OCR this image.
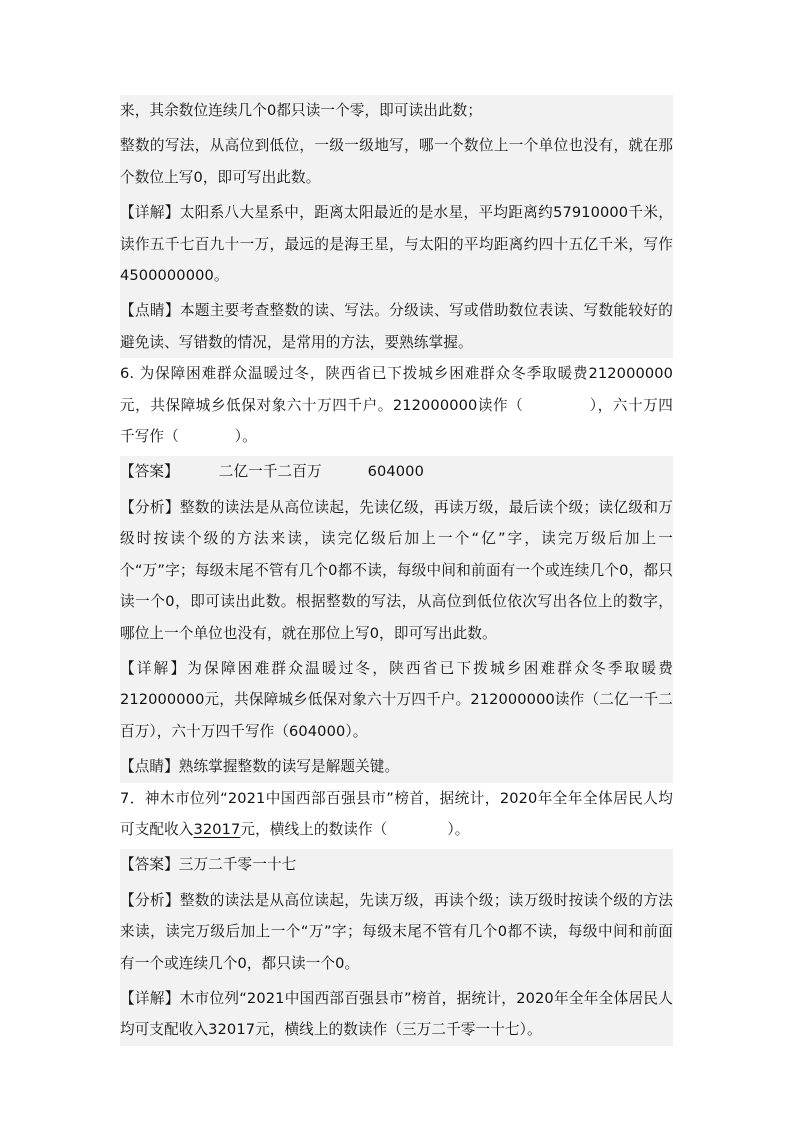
来，其余数位连续几个0都只读一个零，即可读出此数；
整数的写法，从高位到低位，一级一级地写，哪一个数位上一个单位也没有，就在那个数位上写0，即可写出此数。
【详解】太阳系八大星系中，距离太阳最近的是水星，平均距离约57910000千米，读作五千七百九十一万，最远的是海王星，与太阳的平均距离约四十五亿千米，写作4500000000。
【点睛】本题主要考查整数的读、写法。分级读、写或借助数位表读、写数能较好的避免读、写错数的情况，是常用的方法，要熟练掌握。
6. 为保障困难群众温暖过冬，陕西省已下拨城乡困难群众冬季取暖费212000000元，共保障城乡低保对象六十万四千户。212000000读作（	），六十万四千写作（	）。
【答案】	二亿一千二百万	604000
【分析】整数的读法是从高位读起，先读亿级，再读万级，最后读个级；读亿级和万级时按读个级的方法来读，读完亿级后加上一个“亿”字，读完万级后加上一个“万”字；每级末尾不管有几个0都不读，每级中间和前面有一个或连续几个0，都只读一个0，即可读出此数。根据整数的写法，从高位到低位依次写出各位上的数字，哪位上一个单位也没有，就在那位上写0，即可写出此数。
【详解】为保障困难群众温暖过冬，陕西省已下拨城乡困难群众冬季取暖费212000000元，共保障城乡低保对象六十万四千户。212000000读作（二亿一千二百万），六十万四千写作（604000）。
【点睛】熟练掌握整数的读写是解题关键。
7．神木市位列“2021中国西部百强县市”榜首，据统计，2020年全年全体居民人均可支配收入32017元，横线上的数读作（	）。
【答案】三万二千零一十七
【分析】整数的读法是从高位读起，先读万级，再读个级；读万级时按读个级的方法来读，读完万级后加上一个“万”字；每级末尾不管有几个0都不读，每级中间和前面有一个或连续几个0，都只读一个0。
【详解】木市位列“2021中国西部百强县市”榜首，据统计，2020年全年全体居民人均可支配收入32017元，横线上的数读作（三万二千零一十七）。
